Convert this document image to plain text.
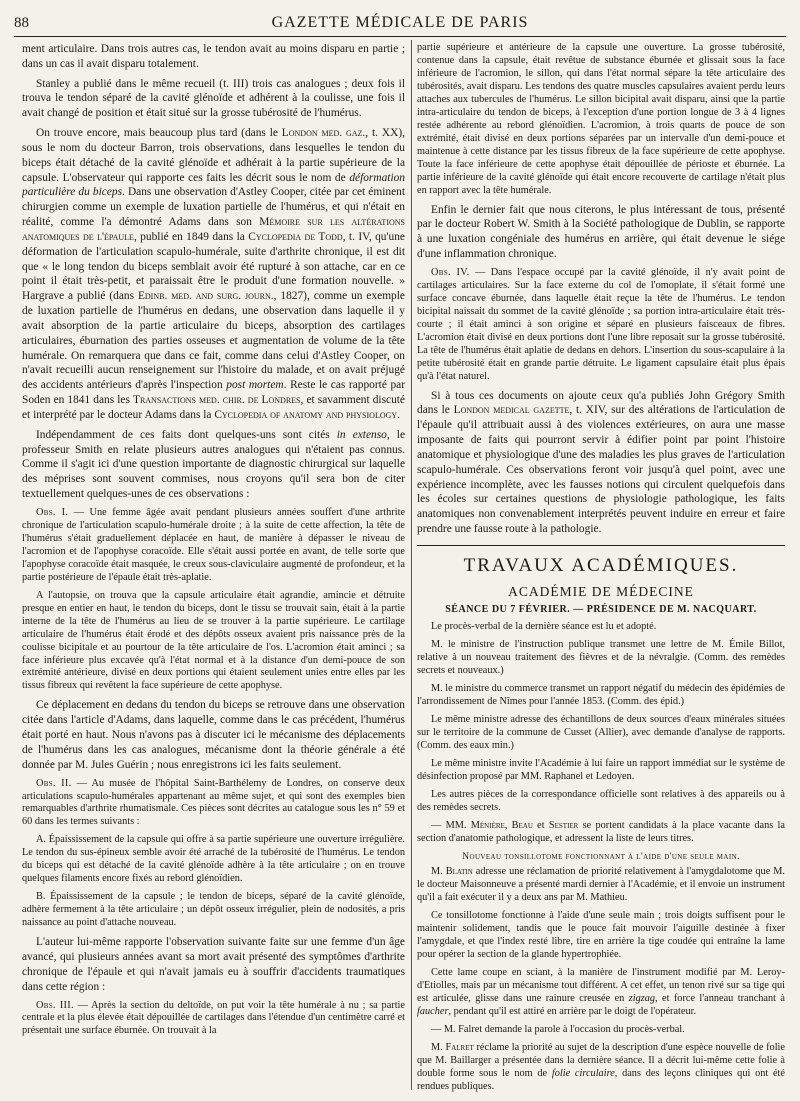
88	GAZETTE MÉDICALE DE PARIS

ment articulaire. Dans trois autres cas, le tendon avait au moins disparu en partie ; dans un cas il avait disparu totalement.

Stanley a publié dans le même recueil (t. III) trois cas analogues ; deux fois il trouva le tendon séparé de la cavité glénoïde et adhérent à la coulisse, une fois il avait changé de position et était situé sur la grosse tubérosité de l'humérus.

On trouve encore, mais beaucoup plus tard (dans le London med. gaz., t. XX), sous le nom du docteur Barron, trois observations, dans lesquelles le tendon du biceps était détaché de la cavité glénoïde et adhérait à la partie supérieure de la capsule. L'observateur qui rapporte ces faits les décrit sous le nom de déformation particulière du biceps. Dans une observation d'Astley Cooper, citée par cet éminent chirurgien comme un exemple de luxation partielle de l'humérus, et qui n'était en réalité, comme l'a démontré Adams dans son Mémoire sur les altérations anatomiques de l'épaule, publié en 1849 dans la Cyclopedia de Todd, t. IV, qu'une déformation de l'articulation scapulo-humérale, suite d'arthrite chronique, il est dit que « le long tendon du biceps semblait avoir été rupturé à son attache, car en ce point il était très-petit, et paraissait être le produit d'une formation nouvelle. » Hargrave a publié (dans Edinb. med. and surg. journ., 1827), comme un exemple de luxation partielle de l'humérus en dedans, une observation dans laquelle il y avait absorption de la partie articulaire du biceps, absorption des cartilages articulaires, éburnation des parties osseuses et augmentation de volume de la tête humérale. On remarquera que dans ce fait, comme dans celui d'Astley Cooper, on n'avait recueilli aucun renseignement sur l'histoire du malade, et on avait préjugé des accidents antérieurs d'après l'inspection post mortem. Reste le cas rapporté par Soden en 1841 dans les Transactions med. chir. de Londres, et savamment discuté et interprété par le docteur Adams dans la Cyclopedia of anatomy and physiology.

Indépendamment de ces faits dont quelques-uns sont cités in extenso, le professeur Smith en relate plusieurs autres analogues qui n'étaient pas connus. Comme il s'agit ici d'une question importante de diagnostic chirurgical sur laquelle des méprises sont souvent commises, nous croyons qu'il sera bon de citer textuellement quelques-unes de ces observations :

Obs. I. — Une femme âgée avait pendant plusieurs années souffert d'une arthrite chronique de l'articulation scapulo-humérale droite ; à la suite de cette affection, la tête de l'humérus s'était graduellement déplacée en haut, de manière à dépasser le niveau de l'acromion et de l'apophyse coracoïde. Elle s'était aussi portée en avant, de telle sorte que l'apophyse coracoïde était masquée, le creux sous-claviculaire augmenté de profondeur, et la partie postérieure de l'épaule était très-aplatie.

A l'autopsie, on trouva que la capsule articulaire était agrandie, amincie et détruite presque en entier en haut, le tendon du biceps, dont le tissu se trouvait sain, était à la partie interne de la tête de l'humérus au lieu de se trouver à la partie supérieure. Le cartilage articulaire de l'humérus était érodé et des dépôts osseux avaient pris naissance près de la coulisse bicipitale et au pourtour de la tête articulaire de l'os. L'acromion était aminci ; sa face inférieure plus excavée qu'à l'état normal et à la distance d'un demi-pouce de son extrémité antérieure, divisé en deux portions qui étaient seulement unies entre elles par les tissus fibreux qui revêtent la face supérieure de cette apophyse.

Ce déplacement en dedans du tendon du biceps se retrouve dans une observation citée dans l'article d'Adams, dans laquelle, comme dans le cas précédent, l'humérus était porté en haut. Nous n'avons pas à discuter ici le mécanisme des déplacements de l'humérus dans les cas analogues, mécanisme dont la théorie générale a été donnée par M. Jules Guérin ; nous enregistrons ici les faits seulement.

Obs. II. — Au musée de l'hôpital Saint-Barthélemy de Londres, on conserve deux articulations scapulo-humérales appartenant au même sujet, et qui sont des exemples bien remarquables d'arthrite rhumatismale. Ces pièces sont décrites au catalogue sous les n° 59 et 60 dans les termes suivants :

A. Épaississement de la capsule qui offre à sa partie supérieure une ouverture irrégulière. Le tendon du sus-épineux semble avoir été arraché de la tubérosité de l'humérus. Le tendon du biceps qui est détaché de la cavité glénoïde adhère à la tête articulaire ; on en trouve quelques filaments encore fixés au rebord glénoïdien.

B. Épaississement de la capsule ; le tendon de biceps, séparé de la cavité glénoïde, adhère fermement à la tête articulaire ; un dépôt osseux irrégulier, plein de nodosités, a pris naissance au point d'attache nouveau.

L'auteur lui-même rapporte l'observation suivante faite sur une femme d'un âge avancé, qui plusieurs années avant sa mort avait présenté des symptômes d'arthrite chronique de l'épaule et qui n'avait jamais eu à souffrir d'accidents traumatiques dans cette région :

Obs. III. — Après la section du deltoïde, on put voir la tête humérale à nu ; sa partie centrale et la plus élevée était dépouillée de cartilages dans l'étendue d'un centimètre carré et présentait une surface éburnée. On trouvait à la

partie supérieure et antérieure de la capsule une ouverture. La grosse tubérosité, contenue dans la capsule, était revêtue de substance éburnée et glissait sous la face inférieure de l'acromion, le sillon, qui dans l'état normal sépare la tête articulaire des tubérosités, avait disparu. Les tendons des quatre muscles capsulaires avaient perdu leurs attaches aux tubercules de l'humérus. Le sillon bicipital avait disparu, ainsi que la partie intra-articulaire du tendon de biceps, à l'exception d'une portion longue de 3 à 4 lignes restée adhérente au rebord glénoïdien. L'acromion, à trois quarts de pouce de son extrémité, était divisé en deux portions séparées par un intervalle d'un demi-pouce et maintenue à cette distance par les tissus fibreux de la face supérieure de cette apophyse. Toute la face inférieure de cette apophyse était dépouillée de périoste et éburnée. La partie inférieure de la cavité glénoïde qui était encore recouverte de cartilage n'était plus en rapport avec la tête humérale.

Enfin le dernier fait que nous citerons, le plus intéressant de tous, présenté par le docteur Robert W. Smith à la Société pathologique de Dublin, se rapporte à une luxation congéniale des humérus en arrière, qui était devenue le siége d'une inflammation chronique.

Obs. IV. — Dans l'espace occupé par la cavité glénoïde, il n'y avait point de cartilages articulaires. Sur la face externe du col de l'omoplate, il s'était formé une surface concave éburnée, dans laquelle était reçue la tête de l'humérus. Le tendon bicipital naissait du sommet de la cavité glénoïde ; sa portion intra-articulaire était très-courte ; il était aminci à son origine et séparé en plusieurs faisceaux de fibres. L'acromion était divisé en deux portions dont l'une libre reposait sur la grosse tubérosité. La tête de l'humérus était aplatie de dedans en dehors. L'insertion du sous-scapulaire à la petite tubérosité était en grande partie détruite. Le ligament capsulaire était plus épais qu'à l'état naturel.

Si à tous ces documents on ajoute ceux qu'a publiés John Grégory Smith dans le London medical gazette, t. XIV, sur des altérations de l'articulation de l'épaule qu'il attribuait aussi à des violences extérieures, on aura une masse imposante de faits qui pourront servir à édifier point par point l'histoire anatomique et physiologique d'une des maladies les plus graves de l'articulation scapulo-humérale. Ces observations feront voir jusqu'à quel point, avec une expérience incomplète, avec les fausses notions qui circulent quelquefois dans les écoles sur certaines questions de physiologie pathologique, les faits anatomiques non convenablement interprétés peuvent induire en erreur et faire prendre une fausse route à la pathologie.

TRAVAUX ACADÉMIQUES.
ACADÉMIE DE MÉDECINE
SÉANCE DU 7 FÉVRIER. — PRÉSIDENCE DE M. NACQUART.

Le procès-verbal de la dernière séance est lu et adopté.

M. le ministre de l'instruction publique transmet une lettre de M. Émile Billot, relative à un nouveau traitement des fièvres et de la névralgie. (Comm. des remèdes secrets et nouveaux.)

M. le ministre du commerce transmet un rapport négatif du médecin des épidémies de l'arrondissement de Nîmes pour l'année 1853. (Comm. des épid.)

Le même ministre adresse des échantillons de deux sources d'eaux minérales situées sur le territoire de la commune de Cusset (Allier), avec demande d'analyse de rapports. (Comm. des eaux min.)

Le même ministre invite l'Académie à lui faire un rapport immédiat sur le système de désinfection proposé par MM. Raphanel et Ledoyen.

Les autres pièces de la correspondance officielle sont relatives à des appareils ou à des remèdes secrets.

— MM. Ménière, Beau et Sestier se portent candidats à la place vacante dans la section d'anatomie pathologique, et adressent la liste de leurs titres.

Nouveau tonsillotome fonctionnant à l'aide d'une seule main.

M. Blatin adresse une réclamation de priorité relativement à l'amygdalotome que M. le docteur Maisonneuve a présenté mardi dernier à l'Académie, et il envoie un instrument qu'il a fait exécuter il y a deux ans par M. Mathieu.

Ce tonsillotome fonctionne à l'aide d'une seule main ; trois doigts suffisent pour le maintenir solidement, tandis que le pouce fait mouvoir l'aiguille destinée à fixer l'amygdale, et que l'index resté libre, tire en arrière la tige coudée qui entraîne la lame pour opérer la section de la glande hypertrophiée.

Cette lame coupe en sciant, à la manière de l'instrument modifié par M. Leroy-d'Etiolles, mais par un mécanisme tout différent. A cet effet, un tenon rivé sur sa tige qui est articulée, glisse dans une rainure creusée en zigzag, et force l'anneau tranchant à faucher, pendant qu'il est attiré en arrière par le doigt de l'opérateur.

— M. Falret demande la parole à l'occasion du procès-verbal.

M. Falret réclame la priorité au sujet de la description d'une espèce nouvelle de folie que M. Baillarger a présentée dans la dernière séance. Il a décrit lui-même cette folie à double forme sous le nom de folie circulaire, dans des leçons cliniques qui ont été rendues publiques.
